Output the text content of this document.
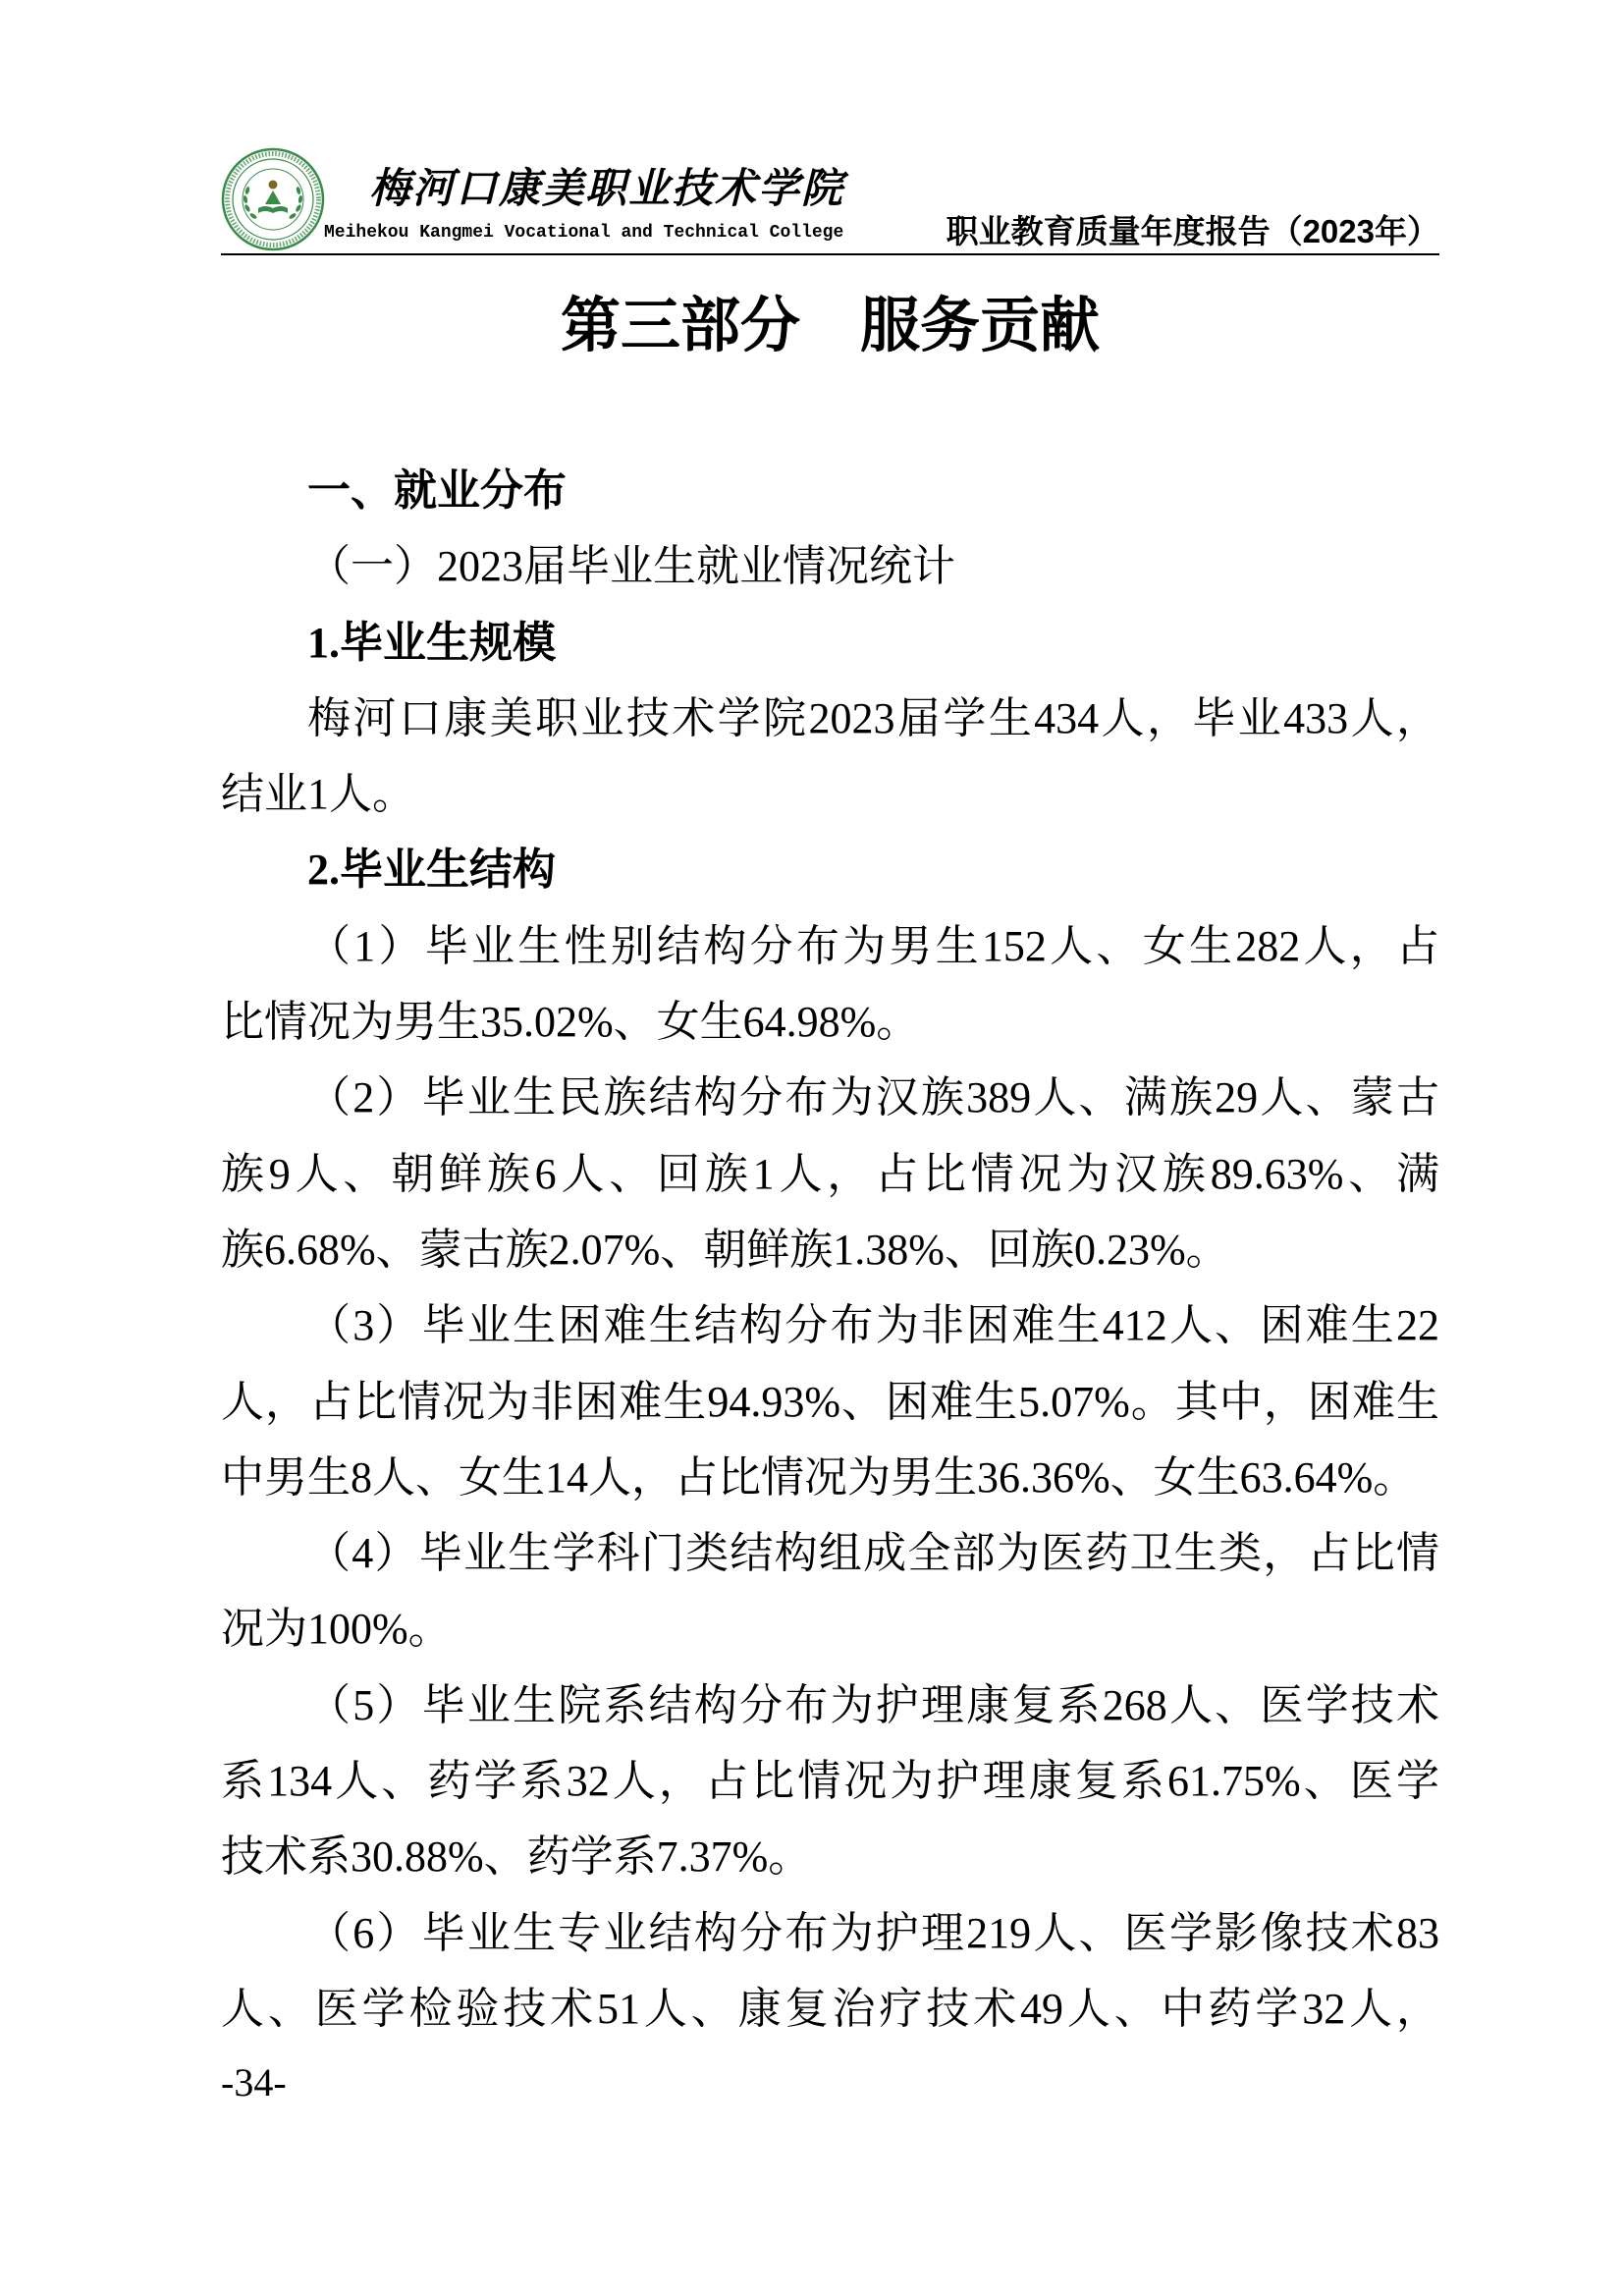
梅河口康美职业技术学院
Meihekou Kangmei Vocational and Technical College	职业教育质量年度报告（2023年）
第三部分　服务贡献
一、就业分布
（一）2023届毕业生就业情况统计
1.毕业生规模
梅河口康美职业技术学院2023届学生434人，毕业433人，
结业1人。
2.毕业生结构
（1）毕业生性别结构分布为男生152人、女生282人，占
比情况为男生35.02%、女生64.98%。
（2）毕业生民族结构分布为汉族389人、满族29人、蒙古
族9人、朝鲜族6人、回族1人，占比情况为汉族89.63%、满
族6.68%、蒙古族2.07%、朝鲜族1.38%、回族0.23%。
（3）毕业生困难生结构分布为非困难生412人、困难生22
人，占比情况为非困难生94.93%、困难生5.07%。其中，困难生
中男生8人、女生14人，占比情况为男生36.36%、女生63.64%。
（4）毕业生学科门类结构组成全部为医药卫生类，占比情
况为100%。
（5）毕业生院系结构分布为护理康复系268人、医学技术
系134人、药学系32人，占比情况为护理康复系61.75%、医学
技术系30.88%、药学系7.37%。
（6）毕业生专业结构分布为护理219人、医学影像技术83
人、医学检验技术51人、康复治疗技术49人、中药学32人，
-34-
